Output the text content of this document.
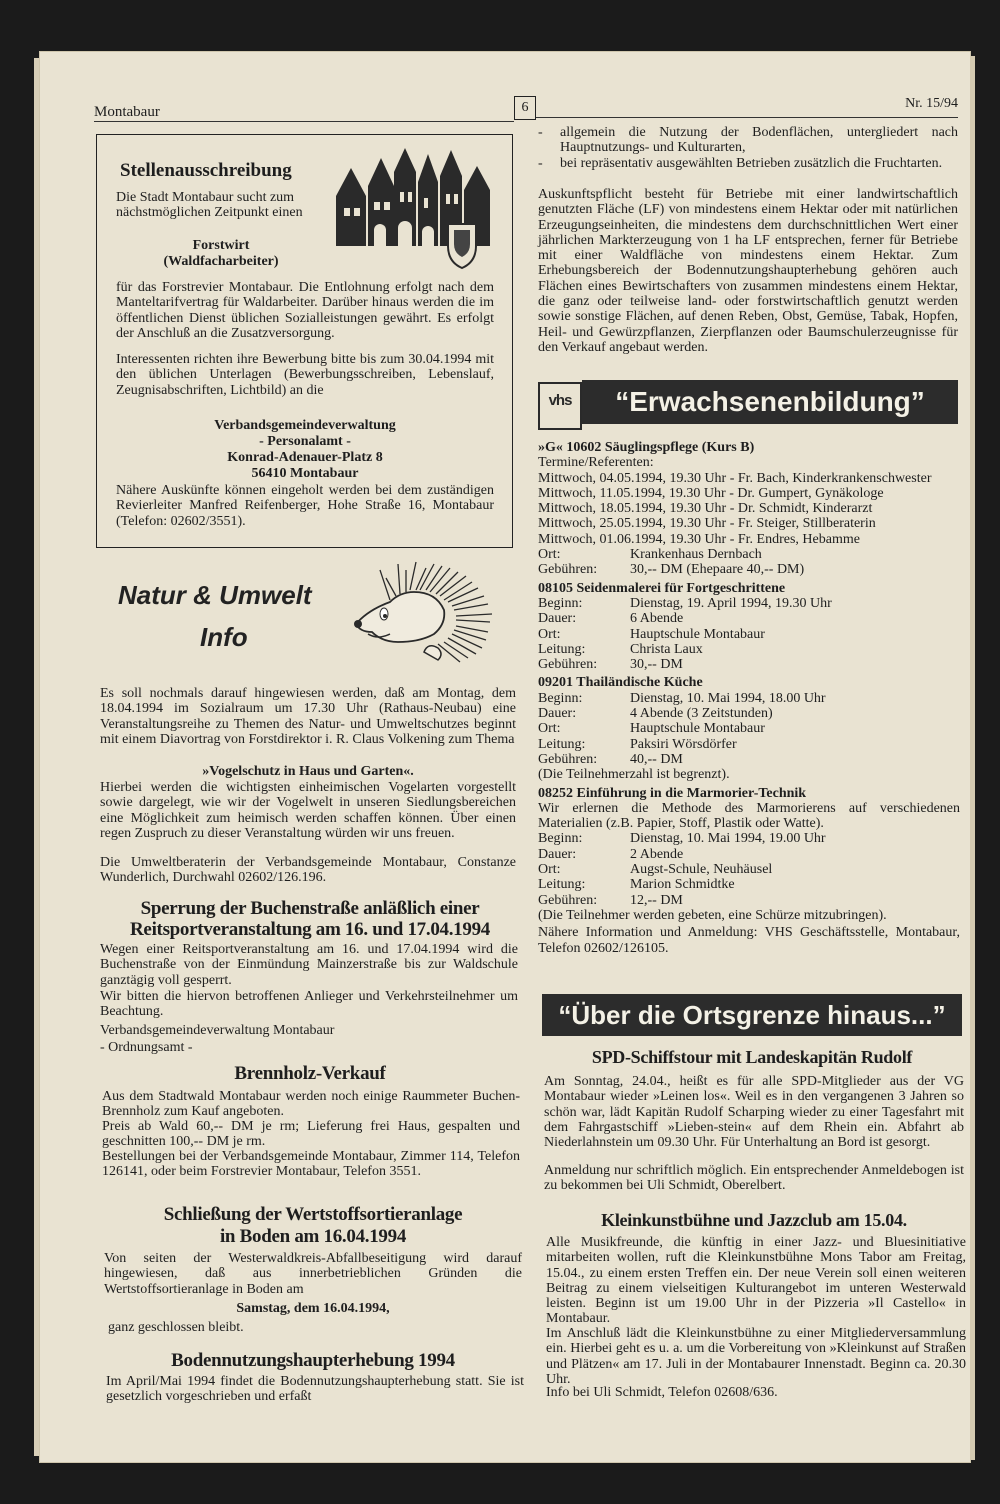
Montabaur	6	Nr. 15/94
Stellenausschreibung
Die Stadt Montabaur sucht zum nächstmöglichen Zeitpunkt einen
Forstwirt
(Waldfacharbeiter)

für das Forstrevier Montabaur. Die Entlohnung erfolgt nach dem Manteltarifvertrag für Waldarbeiter. Darüber hinaus werden die im öffentlichen Dienst üblichen Sozialleistungen gewährt. Es erfolgt der Anschluß an die Zusatzversorgung.

Interessenten richten ihre Bewerbung bitte bis zum 30.04.1994 mit den üblichen Unterlagen (Bewerbungsschreiben, Lebenslauf, Zeugnisabschriften, Lichtbild) an die

Verbandsgemeindeverwaltung
- Personalamt -
Konrad-Adenauer-Platz 8
56410 Montabaur

Nähere Auskünfte können eingeholt werden bei dem zuständigen Revierleiter Manfred Reifenberger, Hohe Straße 16, Montabaur (Telefon: 02602/3551).

Natur & Umwelt
Info

Es soll nochmals darauf hingewiesen werden, daß am Montag, dem 18.04.1994 im Sozialraum um 17.30 Uhr (Rathaus-Neubau) eine Veranstaltungsreihe zu Themen des Natur- und Umweltschutzes beginnt mit einem Diavortrag von Forstdirektor i. R. Claus Volkening zum Thema

»Vogelschutz in Haus und Garten«.

Hierbei werden die wichtigsten einheimischen Vogelarten vorgestellt sowie dargelegt, wie wir der Vogelwelt in unseren Siedlungsbereichen eine Möglichkeit zum heimisch werden schaffen können. Über einen regen Zuspruch zu dieser Veranstaltung würden wir uns freuen.

Die Umweltberaterin der Verbandsgemeinde Montabaur, Constanze Wunderlich, Durchwahl 02602/126.196.

Sperrung der Buchenstraße anläßlich einer Reitsportveranstaltung am 16. und 17.04.1994

Wegen einer Reitsportveranstaltung am 16. und 17.04.1994 wird die Buchenstraße von der Einmündung Mainzerstraße bis zur Waldschule ganztägig voll gesperrt.

Wir bitten die hiervon betroffenen Anlieger und Verkehrsteilnehmer um Beachtung.

Verbandsgemeindeverwaltung Montabaur
- Ordnungsamt -
Brennholz-Verkauf

Aus dem Stadtwald Montabaur werden noch einige Raummeter Buchen-Brennholz zum Kauf angeboten.

Preis ab Wald 60,-- DM je rm; Lieferung frei Haus, gespalten und geschnitten 100,-- DM je rm.

Bestellungen bei der Verbandsgemeinde Montabaur, Zimmer 114, Telefon 126141, oder beim Forstrevier Montabaur, Telefon 3551.

Schließung der Wertstoffsortieranlage
in Boden am 16.04.1994

Von seiten der Westerwaldkreis-Abfallbeseitigung wird darauf hingewiesen, daß aus innerbetrieblichen Gründen die Wertstoffsortieranlage in Boden am

Samstag, dem 16.04.1994,
ganz geschlossen bleibt.
Bodennutzungshaupterhebung 1994

Im April/Mai 1994 findet die Bodennutzungshaupterhebung statt. Sie ist gesetzlich vorgeschrieben und erfaßt

-	allgemein die Nutzung der Bodenflächen, untergliedert nach Hauptnutzungs- und Kulturarten,

-	bei repräsentativ ausgewählten Betrieben zusätzlich die Fruchtarten.

Auskunftspflicht besteht für Betriebe mit einer landwirtschaftlich genutzten Fläche (LF) von mindestens einem Hektar oder mit natürlichen Erzeugungseinheiten, die mindestens dem durchschnittlichen Wert einer jährlichen Markterzeugung von 1 ha LF entsprechen, ferner für Betriebe mit einer Waldfläche von mindestens einem Hektar. Zum Erhebungsbereich der Bodennutzungshaupterhebung gehören auch Flächen eines Bewirtschafters von zusammen mindestens einem Hektar, die ganz oder teilweise land- oder forstwirtschaftlich genutzt werden sowie sonstige Flächen, auf denen Reben, Obst, Gemüse, Tabak, Hopfen, Heil- und Gewürzpflanzen, Zierpflanzen oder Baumschulerzeugnisse für den Verkauf angebaut werden.

vhs	“Erwachsenenbildung”
»G« 10602 Säuglingspflege (Kurs B)
Termine/Referenten:
Mittwoch, 04.05.1994, 19.30 Uhr - Fr. Bach, Kinderkrankenschwester
Mittwoch, 11.05.1994, 19.30 Uhr - Dr. Gumpert, Gynäkologe
Mittwoch, 18.05.1994, 19.30 Uhr - Dr. Schmidt, Kinderarzt
Mittwoch, 25.05.1994, 19.30 Uhr - Fr. Steiger, Stillberaterin
Mittwoch, 01.06.1994, 19.30 Uhr - Fr. Endres, Hebamme
Ort:	Krankenhaus Dernbach
Gebühren: 30,-- DM (Ehepaare 40,-- DM)
08105 Seidenmalerei für Fortgeschrittene
Beginn:	Dienstag, 19. April 1994, 19.30 Uhr
Dauer:	6 Abende
Ort:	Hauptschule Montabaur
Leitung:	Christa Laux
Gebühren: 30,-- DM
09201 Thailändische Küche
Beginn:	Dienstag, 10. Mai 1994, 18.00 Uhr
Dauer:	4 Abende (3 Zeitstunden)
Ort:	Hauptschule Montabaur
Leitung:	Paksiri Wörsdörfer
Gebühren: 40,-- DM
(Die Teilnehmerzahl ist begrenzt).
08252 Einführung in die Marmorier-Technik
Wir erlernen die Methode des Marmorierens auf verschiedenen Materialien (z.B. Papier, Stoff, Plastik oder Watte).
Beginn:	Dienstag, 10. Mai 1994, 19.00 Uhr
Dauer:	2 Abende
Ort:	Augst-Schule, Neuhäusel
Leitung:	Marion Schmidtke
Gebühren: 12,-- DM
(Die Teilnehmer werden gebeten, eine Schürze mitzubringen).
Nähere Information und Anmeldung: VHS Geschäftsstelle, Montabaur, Telefon 02602/126105.
“Über die Ortsgrenze hinaus...”
SPD-Schiffstour mit Landeskapitän Rudolf

Am Sonntag, 24.04., heißt es für alle SPD-Mitglieder aus der VG Montabaur wieder »Leinen los«. Weil es in den vergangenen 3 Jahren so schön war, lädt Kapitän Rudolf Scharping wieder zu einer Tagesfahrt mit dem Fahrgastschiff »Lieben-stein« auf dem Rhein ein. Abfahrt ab Niederlahnstein um 09.30 Uhr. Für Unterhaltung an Bord ist gesorgt.

Anmeldung nur schriftlich möglich. Ein entsprechender Anmeldebogen ist zu bekommen bei Uli Schmidt, Oberelbert.

Kleinkunstbühne und Jazzclub am 15.04.

Alle Musikfreunde, die künftig in einer Jazz- und Bluesinitiative mitarbeiten wollen, ruft die Kleinkunstbühne Mons Tabor am Freitag, 15.04., zu einem ersten Treffen ein. Der neue Verein soll einen weiteren Beitrag zu einem vielseitigen Kulturangebot im unteren Westerwald leisten. Beginn ist um 19.00 Uhr in der Pizzeria »Il Castello« in Montabaur.

Im Anschluß lädt die Kleinkunstbühne zu einer Mitgliederversammlung ein. Hierbei geht es u. a. um die Vorbereitung von »Kleinkunst auf Straßen und Plätzen« am 17. Juli in der Montabaurer Innenstadt. Beginn ca. 20.30 Uhr.

Info bei Uli Schmidt, Telefon 02608/636.
